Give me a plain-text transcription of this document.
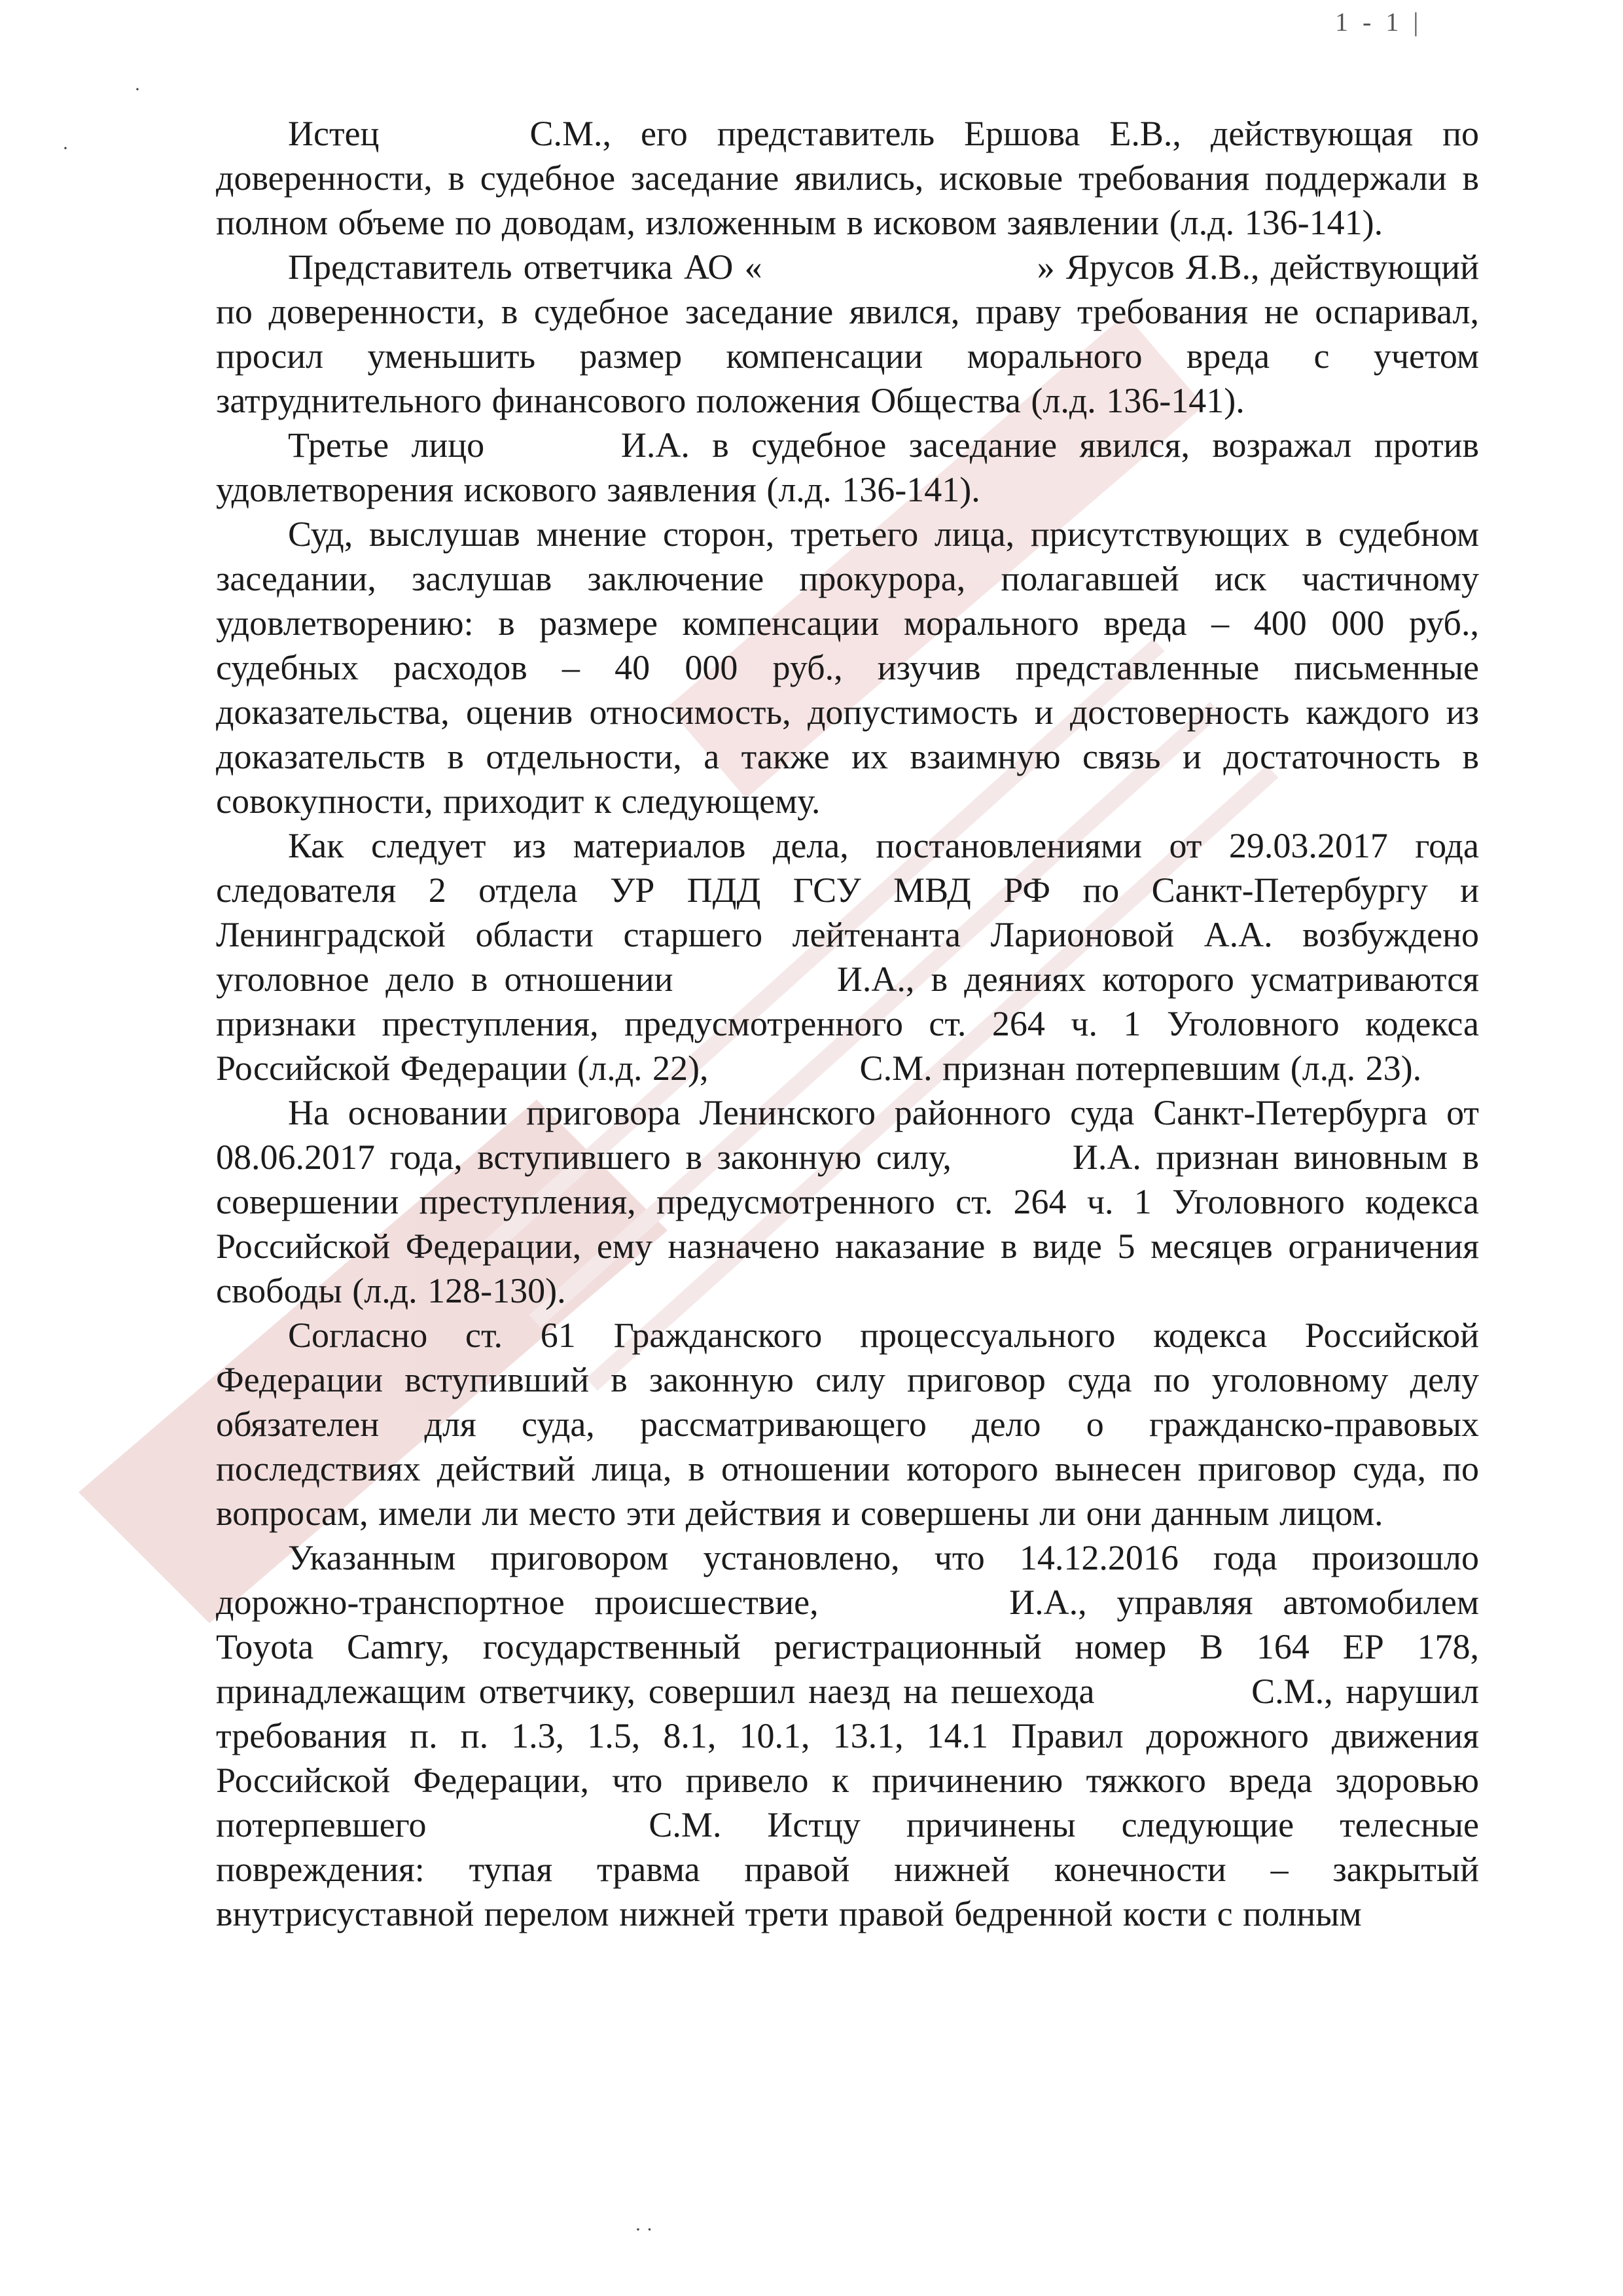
1 - 1 |
·
·
· ·

Истец	С.М., его представитель Ершова Е.В., действующая по доверенности, в судебное заседание явились, исковые требования поддержали в полном объеме по доводам, изложенным в исковом заявлении (л.д. 136-141).

Представитель ответчика АО «	» Ярусов Я.В., действующий по доверенности, в судебное заседание явился, праву требования не оспаривал, просил уменьшить размер компенсации морального вреда с учетом затруднительного финансового положения Общества (л.д. 136-141).

Третье лицо	И.А. в судебное заседание явился, возражал против удовлетворения искового заявления (л.д. 136-141).

Суд, выслушав мнение сторон, третьего лица, присутствующих в судебном заседании, заслушав заключение прокурора, полагавшей иск частичному удовлетворению: в размере компенсации морального вреда – 400 000 руб., судебных расходов – 40 000 руб., изучив представленные письменные доказательства, оценив относимость, допустимость и достоверность каждого из доказательств в отдельности, а также их взаимную связь и достаточность в совокупности, приходит к следующему.

Как следует из материалов дела, постановлениями от 29.03.2017 года следователя 2 отдела УР ПДД ГСУ МВД РФ по Санкт-Петербургу и Ленинградской области старшего лейтенанта Ларионовой А.А. возбуждено уголовное дело в отношении	И.А., в деяниях которого усматриваются признаки преступления, предусмотренного ст. 264 ч. 1 Уголовного кодекса Российской Федерации (л.д. 22),	С.М. признан потерпевшим (л.д. 23).

На основании приговора Ленинского районного суда Санкт-Петербурга от 08.06.2017 года, вступившего в законную силу,	И.А. признан виновным в совершении преступления, предусмотренного ст. 264 ч. 1 Уголовного кодекса Российской Федерации, ему назначено наказание в виде 5 месяцев ограничения свободы (л.д. 128-130).

Согласно ст. 61 Гражданского процессуального кодекса Российской Федерации вступивший в законную силу приговор суда по уголовному делу обязателен для суда, рассматривающего дело о гражданско-правовых последствиях действий лица, в отношении которого вынесен приговор суда, по вопросам, имели ли место эти действия и совершены ли они данным лицом.

Указанным приговором установлено, что 14.12.2016 года произошло дорожно-транспортное происшествие,	И.А., управляя автомобилем Toyota Camry, государственный регистрационный номер В 164 ЕР 178, принадлежащим ответчику, совершил наезд на пешехода	С.М., нарушил требования п. п. 1.3, 1.5, 8.1, 10.1, 13.1, 14.1 Правил дорожного движения Российской Федерации, что привело к причинению тяжкого вреда здоровью потерпевшего	С.М. Истцу причинены следующие телесные повреждения: тупая травма правой нижней конечности – закрытый внутрисуставной перелом нижней трети правой бедренной кости с полным
